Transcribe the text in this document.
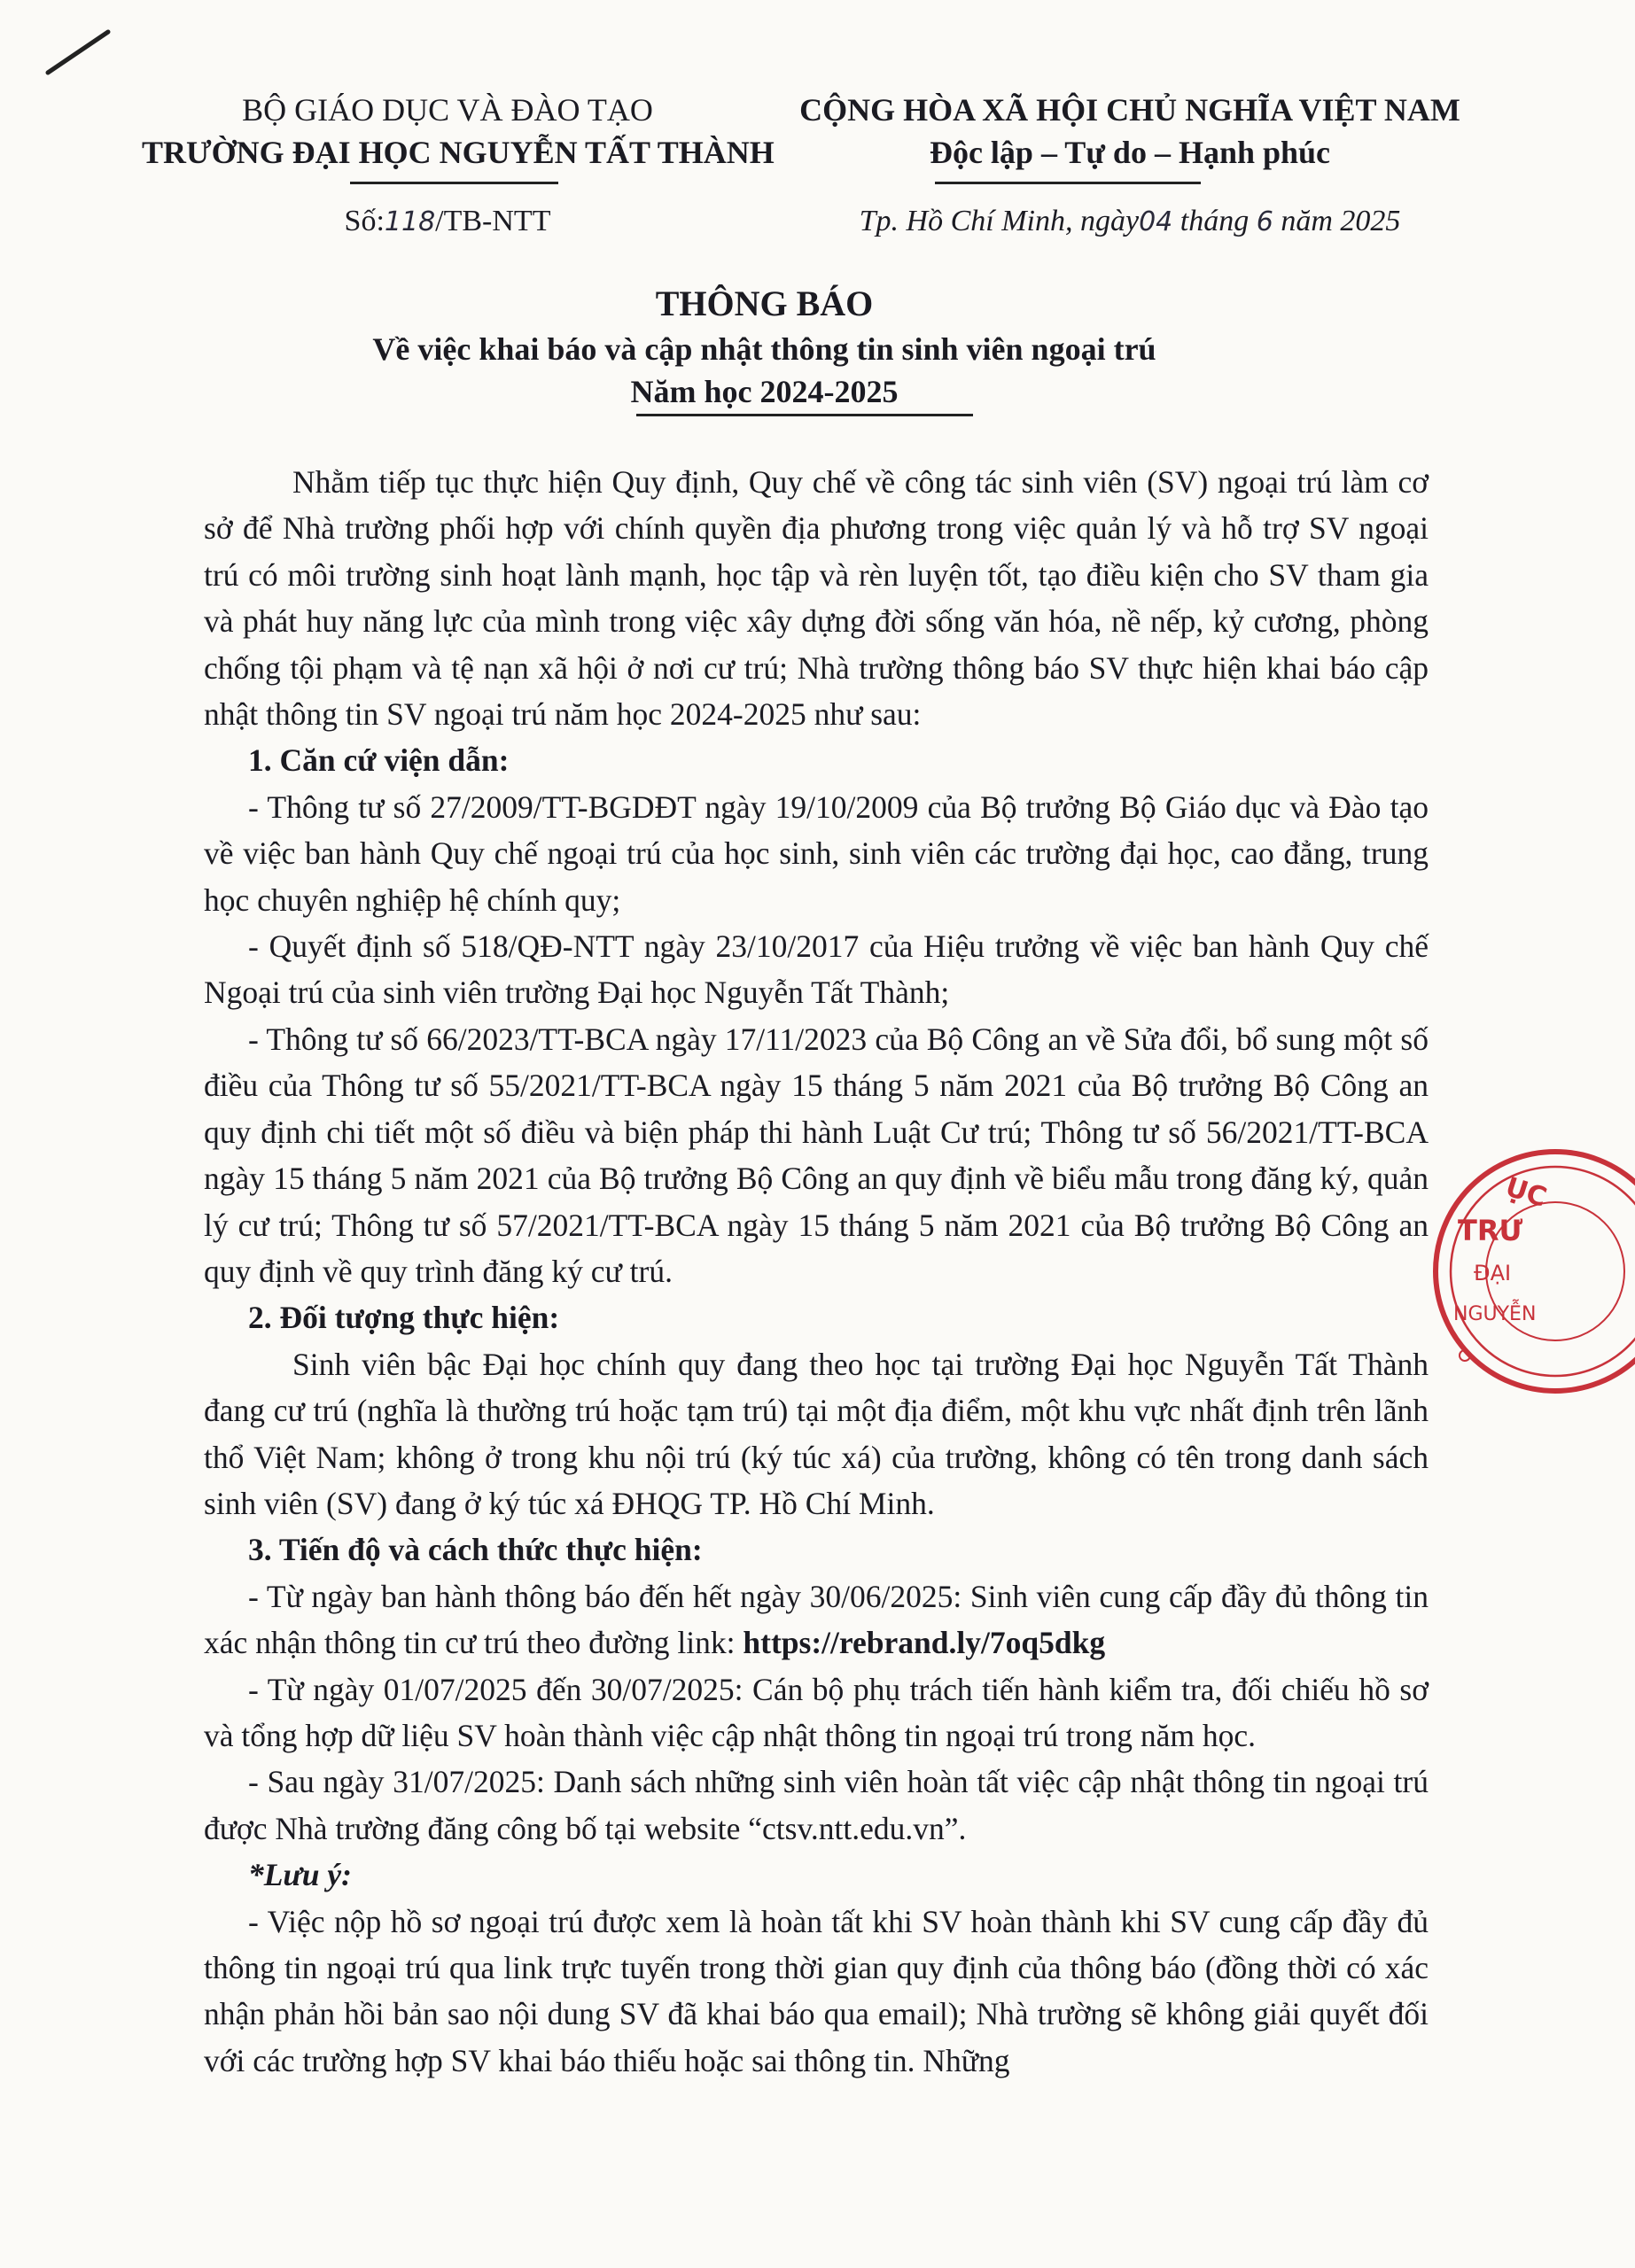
BỘ GIÁO DỤC VÀ ĐÀO TẠO
TRƯỜNG ĐẠI HỌC NGUYỄN TẤT THÀNH
CỘNG HÒA XÃ HỘI CHỦ NGHĨA VIỆT NAM
Độc lập – Tự do – Hạnh phúc
Số:118/TB-NTT	Tp. Hồ Chí Minh, ngày04 tháng 6 năm 2025
THÔNG BÁO
Về việc khai báo và cập nhật thông tin sinh viên ngoại trú
Năm học 2024-2025

Nhằm tiếp tục thực hiện Quy định, Quy chế về công tác sinh viên (SV) ngoại trú làm cơ sở để Nhà trường phối hợp với chính quyền địa phương trong việc quản lý và hỗ trợ SV ngoại trú có môi trường sinh hoạt lành mạnh, học tập và rèn luyện tốt, tạo điều kiện cho SV tham gia và phát huy năng lực của mình trong việc xây dựng đời sống văn hóa, nề nếp, kỷ cương, phòng chống tội phạm và tệ nạn xã hội ở nơi cư trú; Nhà trường thông báo SV thực hiện khai báo cập nhật thông tin SV ngoại trú năm học 2024-2025 như sau:

1. Căn cứ viện dẫn:

- Thông tư số 27/2009/TT-BGDĐT ngày 19/10/2009 của Bộ trưởng Bộ Giáo dục và Đào tạo về việc ban hành Quy chế ngoại trú của học sinh, sinh viên các trường đại học, cao đẳng, trung học chuyên nghiệp hệ chính quy;

- Quyết định số 518/QĐ-NTT ngày 23/10/2017 của Hiệu trưởng về việc ban hành Quy chế Ngoại trú của sinh viên trường Đại học Nguyễn Tất Thành;

- Thông tư số 66/2023/TT-BCA ngày 17/11/2023 của Bộ Công an về Sửa đổi, bổ sung một số điều của Thông tư số 55/2021/TT-BCA ngày 15 tháng 5 năm 2021 của Bộ trưởng Bộ Công an quy định chi tiết một số điều và biện pháp thi hành Luật Cư trú; Thông tư số 56/2021/TT-BCA ngày 15 tháng 5 năm 2021 của Bộ trưởng Bộ Công an quy định về biểu mẫu trong đăng ký, quản lý cư trú; Thông tư số 57/2021/TT-BCA ngày 15 tháng 5 năm 2021 của Bộ trưởng Bộ Công an quy định về quy trình đăng ký cư trú.

2. Đối tượng thực hiện:

Sinh viên bậc Đại học chính quy đang theo học tại trường Đại học Nguyễn Tất Thành đang cư trú (nghĩa là thường trú hoặc tạm trú) tại một địa điểm, một khu vực nhất định trên lãnh thổ Việt Nam; không ở trong khu nội trú (ký túc xá) của trường, không có tên trong danh sách sinh viên (SV) đang ở ký túc xá ĐHQG TP. Hồ Chí Minh.

3. Tiến độ và cách thức thực hiện:

- Từ ngày ban hành thông báo đến hết ngày 30/06/2025: Sinh viên cung cấp đầy đủ thông tin xác nhận thông tin cư trú theo đường link: https://rebrand.ly/7oq5dkg

- Từ ngày 01/07/2025 đến 30/07/2025: Cán bộ phụ trách tiến hành kiểm tra, đối chiếu hồ sơ và tổng hợp dữ liệu SV hoàn thành việc cập nhật thông tin ngoại trú trong năm học.

- Sau ngày 31/07/2025: Danh sách những sinh viên hoàn tất việc cập nhật thông tin ngoại trú được Nhà trường đăng công bố tại website “ctsv.ntt.edu.vn”.

*Lưu ý:

- Việc nộp hồ sơ ngoại trú được xem là hoàn tất khi SV hoàn thành khi SV cung cấp đầy đủ thông tin ngoại trú qua link trực tuyến trong thời gian quy định của thông báo (đồng thời có xác nhận phản hồi bản sao nội dung SV đã khai báo qua email); Nhà trường sẽ không giải quyết đối với các trường hợp SV khai báo thiếu hoặc sai thông tin. Những

ỤC
TRƯ
ĐẠI
NGUYỄN
